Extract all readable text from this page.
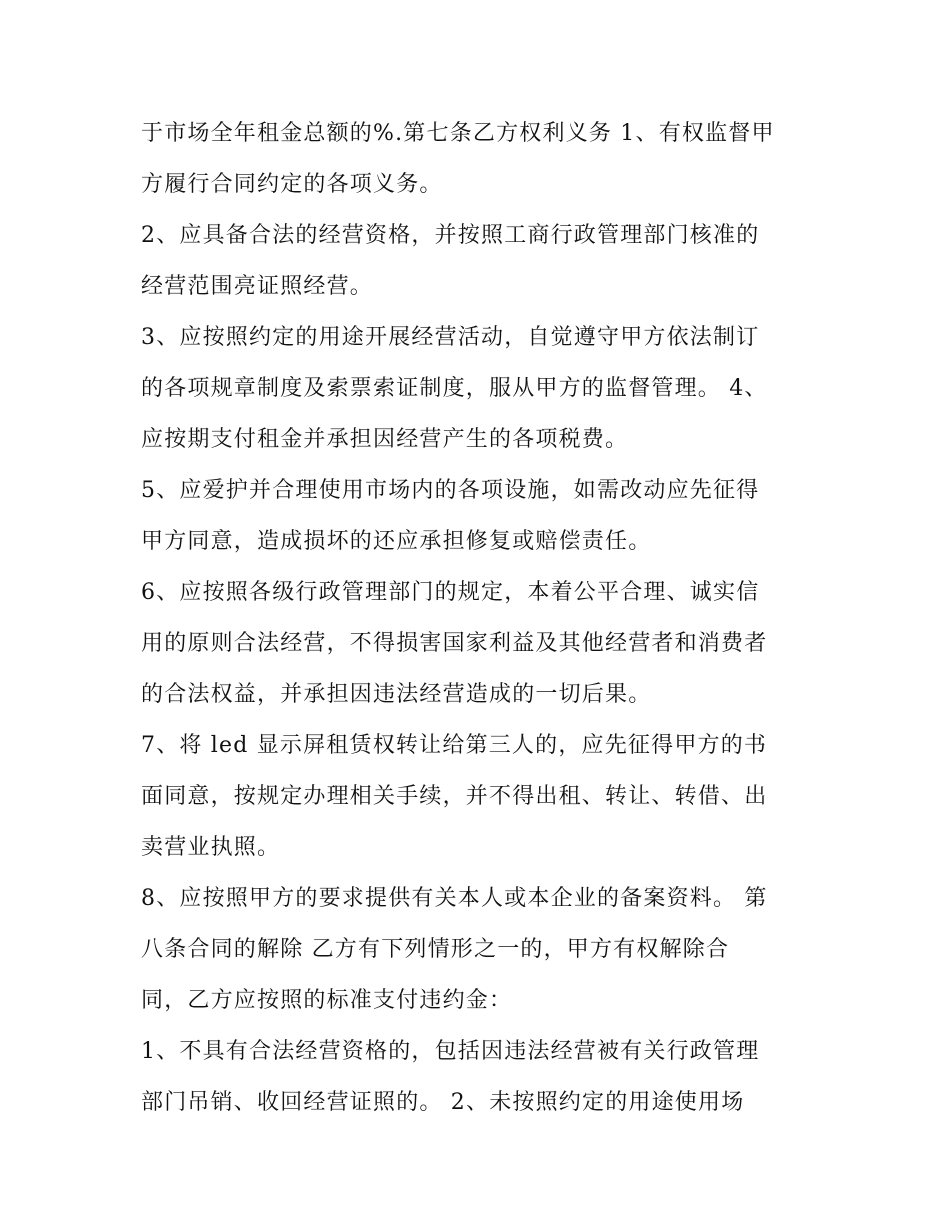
于市场全年租金总额的%.第七条乙方权利义务 1、有权监督甲
方履行合同约定的各项义务。
2、应具备合法的经营资格，并按照工商行政管理部门核准的
经营范围亮证照经营。
3、应按照约定的用途开展经营活动，自觉遵守甲方依法制订
的各项规章制度及索票索证制度，服从甲方的监督管理。 4、
应按期支付租金并承担因经营产生的各项税费。
5、应爱护并合理使用市场内的各项设施，如需改动应先征得
甲方同意，造成损坏的还应承担修复或赔偿责任。
6、应按照各级行政管理部门的规定，本着公平合理、诚实信
用的原则合法经营，不得损害国家利益及其他经营者和消费者
的合法权益，并承担因违法经营造成的一切后果。
7、将 led 显示屏租赁权转让给第三人的，应先征得甲方的书
面同意，按规定办理相关手续，并不得出租、转让、转借、出
卖营业执照。
8、应按照甲方的要求提供有关本人或本企业的备案资料。 第
八条合同的解除 乙方有下列情形之一的，甲方有权解除合
同，乙方应按照的标准支付违约金：
1、不具有合法经营资格的，包括因违法经营被有关行政管理
部门吊销、收回经营证照的。 2、未按照约定的用途使用场
